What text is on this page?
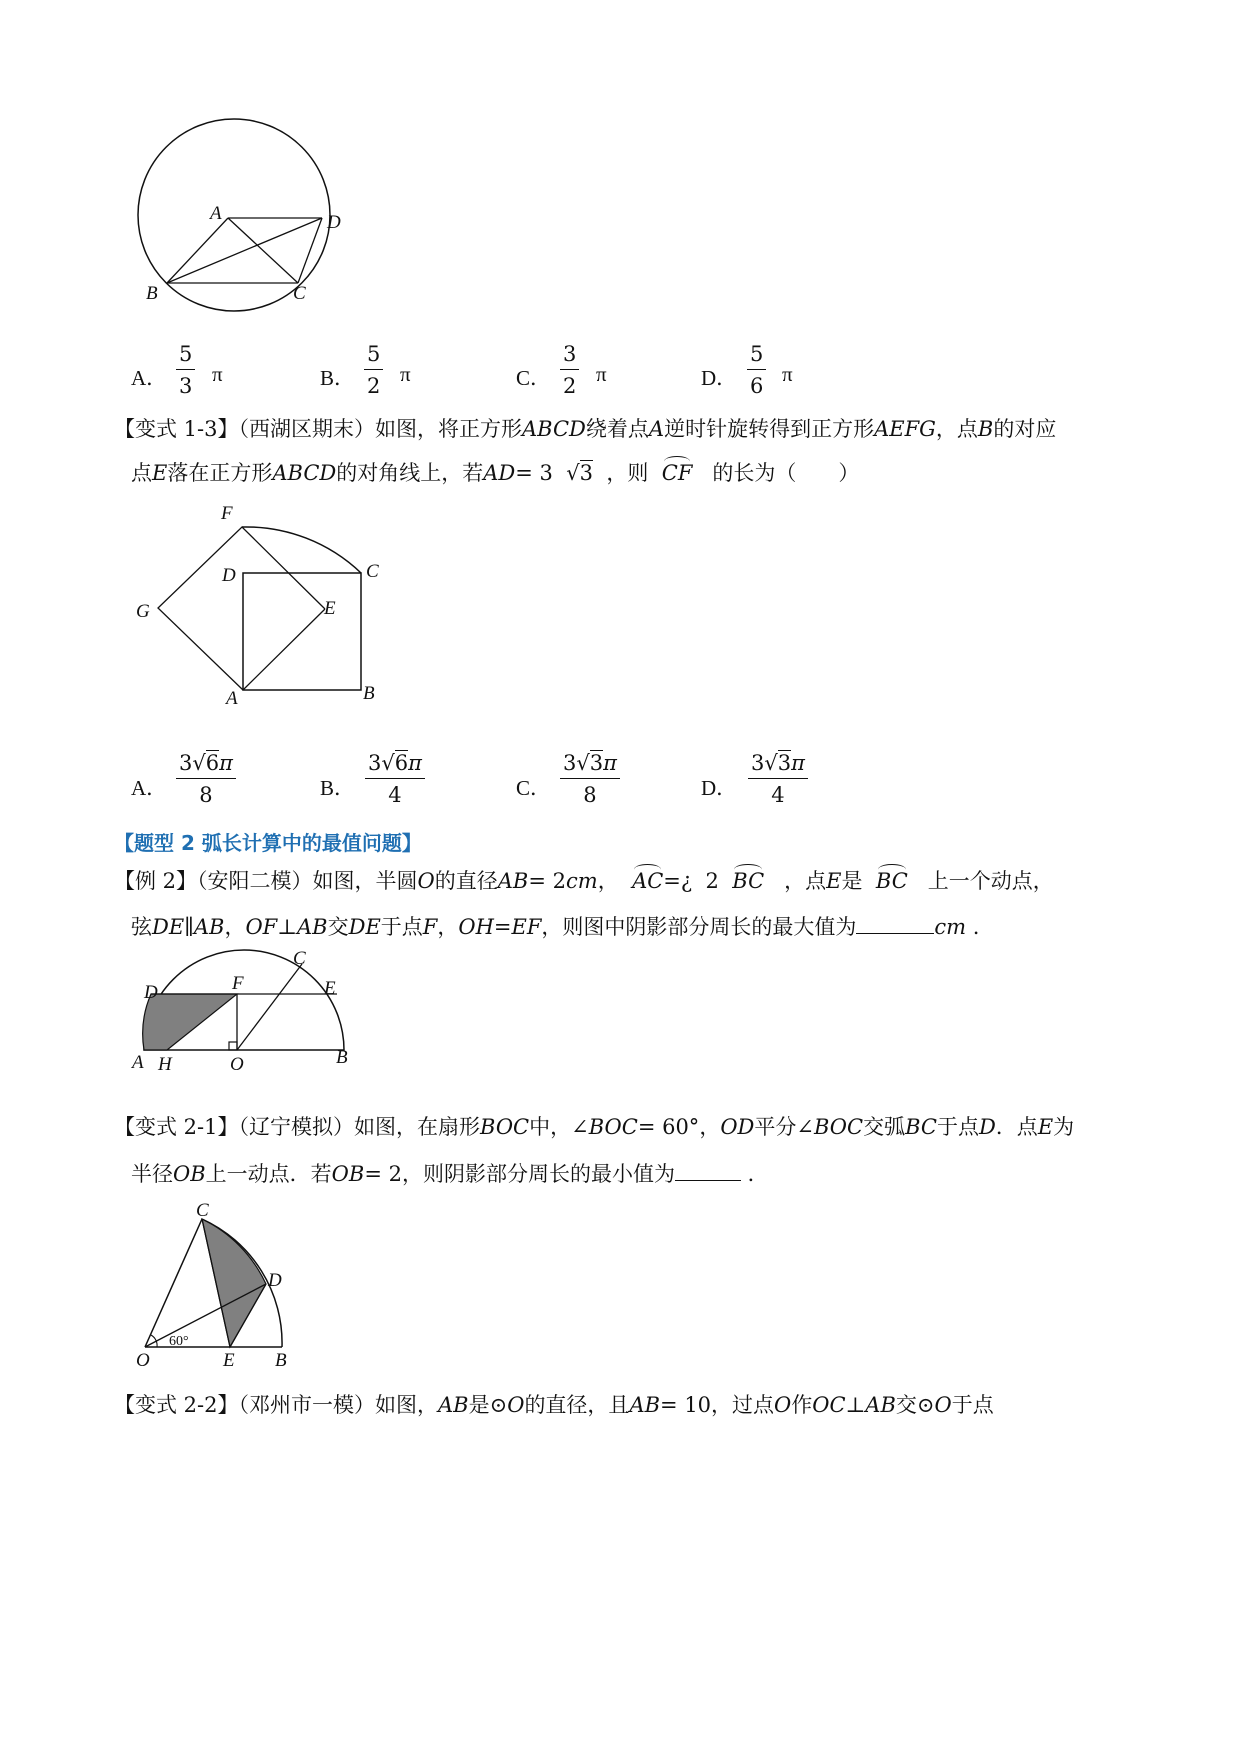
A	D
B	C
A． $\frac{5}{3}$ π	B． $\frac{5}{2}$ π	C． $\frac{3}{2}$ π	D． $\frac{5}{6}$ π
【变式 1-3】（西湖区期末）如图，将正方形ABCD绕着点A逆时针旋转得到正方形AEFG，点B的对应
点E落在正方形ABCD的对角线上，若AD= 3 √3 ，则 CF 的长为（　　）
F
D	C
G	E
A	B
A． $\frac{3√6\pi}{8}$	B． $\frac{3√6\pi}{4}$	C． $\frac{3√3\pi}{8}$	D． $\frac{3√3\pi}{4}$
【题型 2 弧长计算中的最值问题】
【例 2】（安阳二模）如图，半圆O的直径AB= 2cm， AC=¿ 2 BC ，点E是 BC 上一个动点，
弦DE∥AB，OF⊥AB交DE于点F，OH=EF，则图中阴影部分周长的最大值为	cm .
D	F
C
E
A H	O	B
【变式 2-1】（辽宁模拟）如图，在扇形BOC中，∠BOC= 60°，OD平分∠BOC交弧BC于点D．点E为
半径OB上一动点．若OB= 2，则阴影部分周长的最小值为	．
C
D
O	E B
60°
【变式 2-2】（邓州市一模）如图，AB是⊙O的直径，且AB= 10，过点O作OC⊥AB交⊙O于点
